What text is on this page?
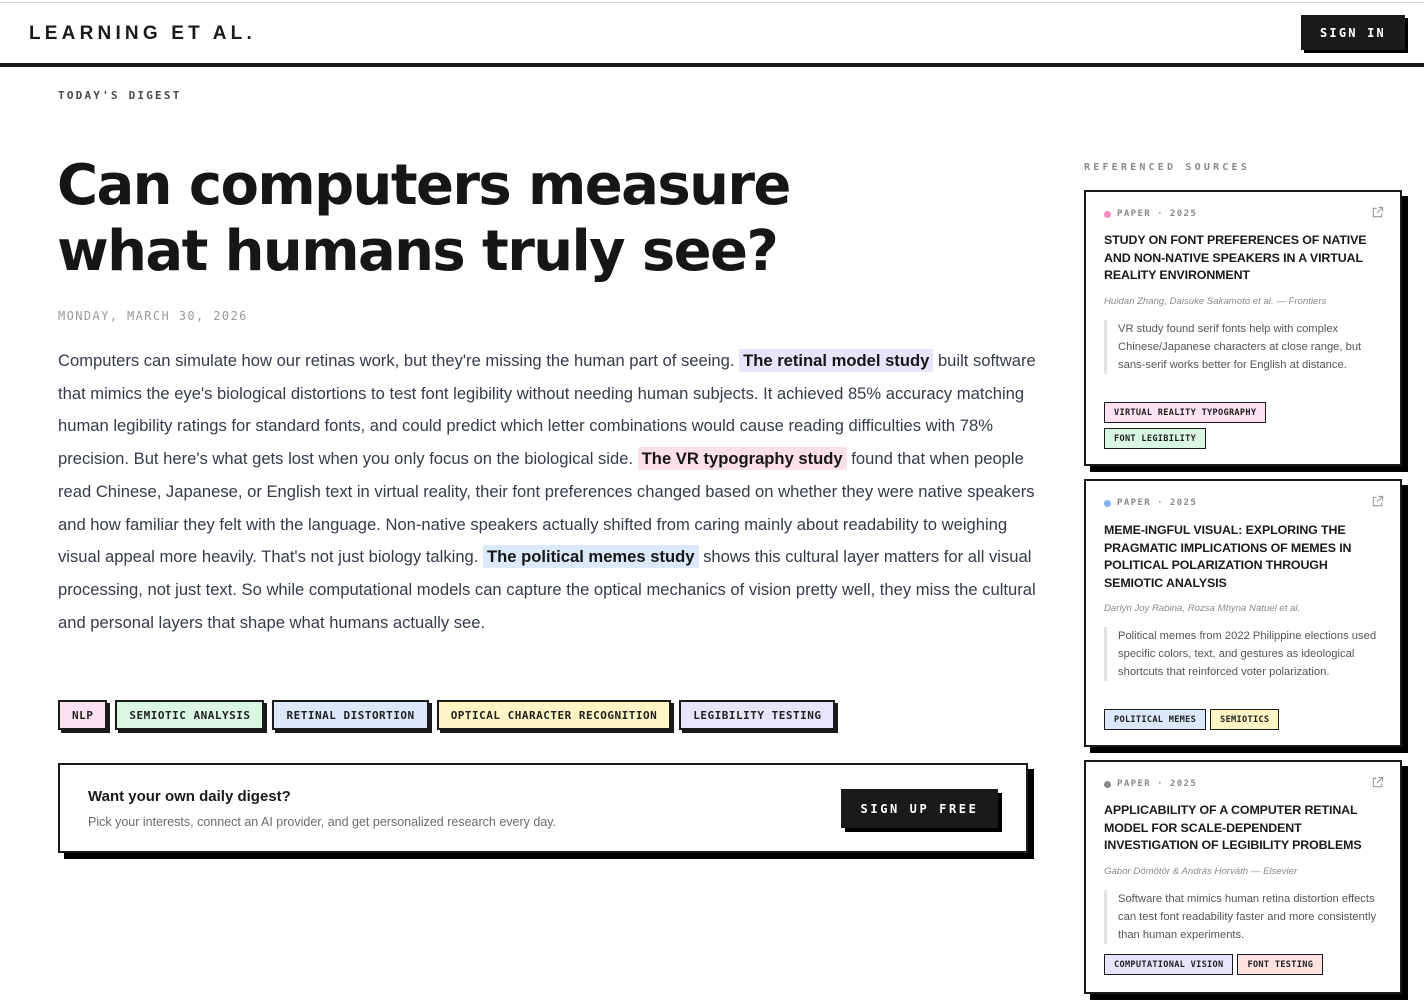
LEARNING ET AL.	SIGN IN
TODAY'S DIGEST
Can computers measure what humans truly see?
MONDAY, MARCH 30, 2026
Computers can simulate how our retinas work, but they're missing the human part of seeing. The retinal model study built software that mimics the eye's biological distortions to test font legibility without needing human subjects. It achieved 85% accuracy matching human legibility ratings for standard fonts, and could predict which letter combinations would cause reading difficulties with 78% precision. But here's what gets lost when you only focus on the biological side. The VR typography study found that when people read Chinese, Japanese, or English text in virtual reality, their font preferences changed based on whether they were native speakers and how familiar they felt with the language. Non-native speakers actually shifted from caring mainly about readability to weighing visual appeal more heavily. That's not just biology talking. The political memes study shows this cultural layer matters for all visual processing, not just text. So while computational models can capture the optical mechanics of vision pretty well, they miss the cultural and personal layers that shape what humans actually see.
NLP	SEMIOTIC ANALYSIS	RETINAL DISTORTION	OPTICAL CHARACTER RECOGNITION	LEGIBILITY TESTING
Want your own daily digest?
Pick your interests, connect an AI provider, and get personalized research every day.
SIGN UP FREE
REFERENCED SOURCES
PAPER · 2025
STUDY ON FONT PREFERENCES OF NATIVE AND NON-NATIVE SPEAKERS IN A VIRTUAL REALITY ENVIRONMENT
Huidan Zhang, Daisuke Sakamoto et al. — Frontiers
VR study found serif fonts help with complex Chinese/Japanese characters at close range, but sans-serif works better for English at distance.
VIRTUAL REALITY TYPOGRAPHY
FONT LEGIBILITY
PAPER · 2025
MEME-INGFUL VISUAL: EXPLORING THE PRAGMATIC IMPLICATIONS OF MEMES IN POLITICAL POLARIZATION THROUGH SEMIOTIC ANALYSIS
Darlyn Joy Rabina, Rozsa Mhyna Natuel et al.
Political memes from 2022 Philippine elections used specific colors, text, and gestures as ideological shortcuts that reinforced voter polarization.
POLITICAL MEMES	SEMIOTICS
PAPER · 2025
APPLICABILITY OF A COMPUTER RETINAL MODEL FOR SCALE-DEPENDENT INVESTIGATION OF LEGIBILITY PROBLEMS
Gábor Dömötör & András Horváth — Elsevier
Software that mimics human retina distortion effects can test font readability faster and more consistently than human experiments.
COMPUTATIONAL VISION	FONT TESTING
